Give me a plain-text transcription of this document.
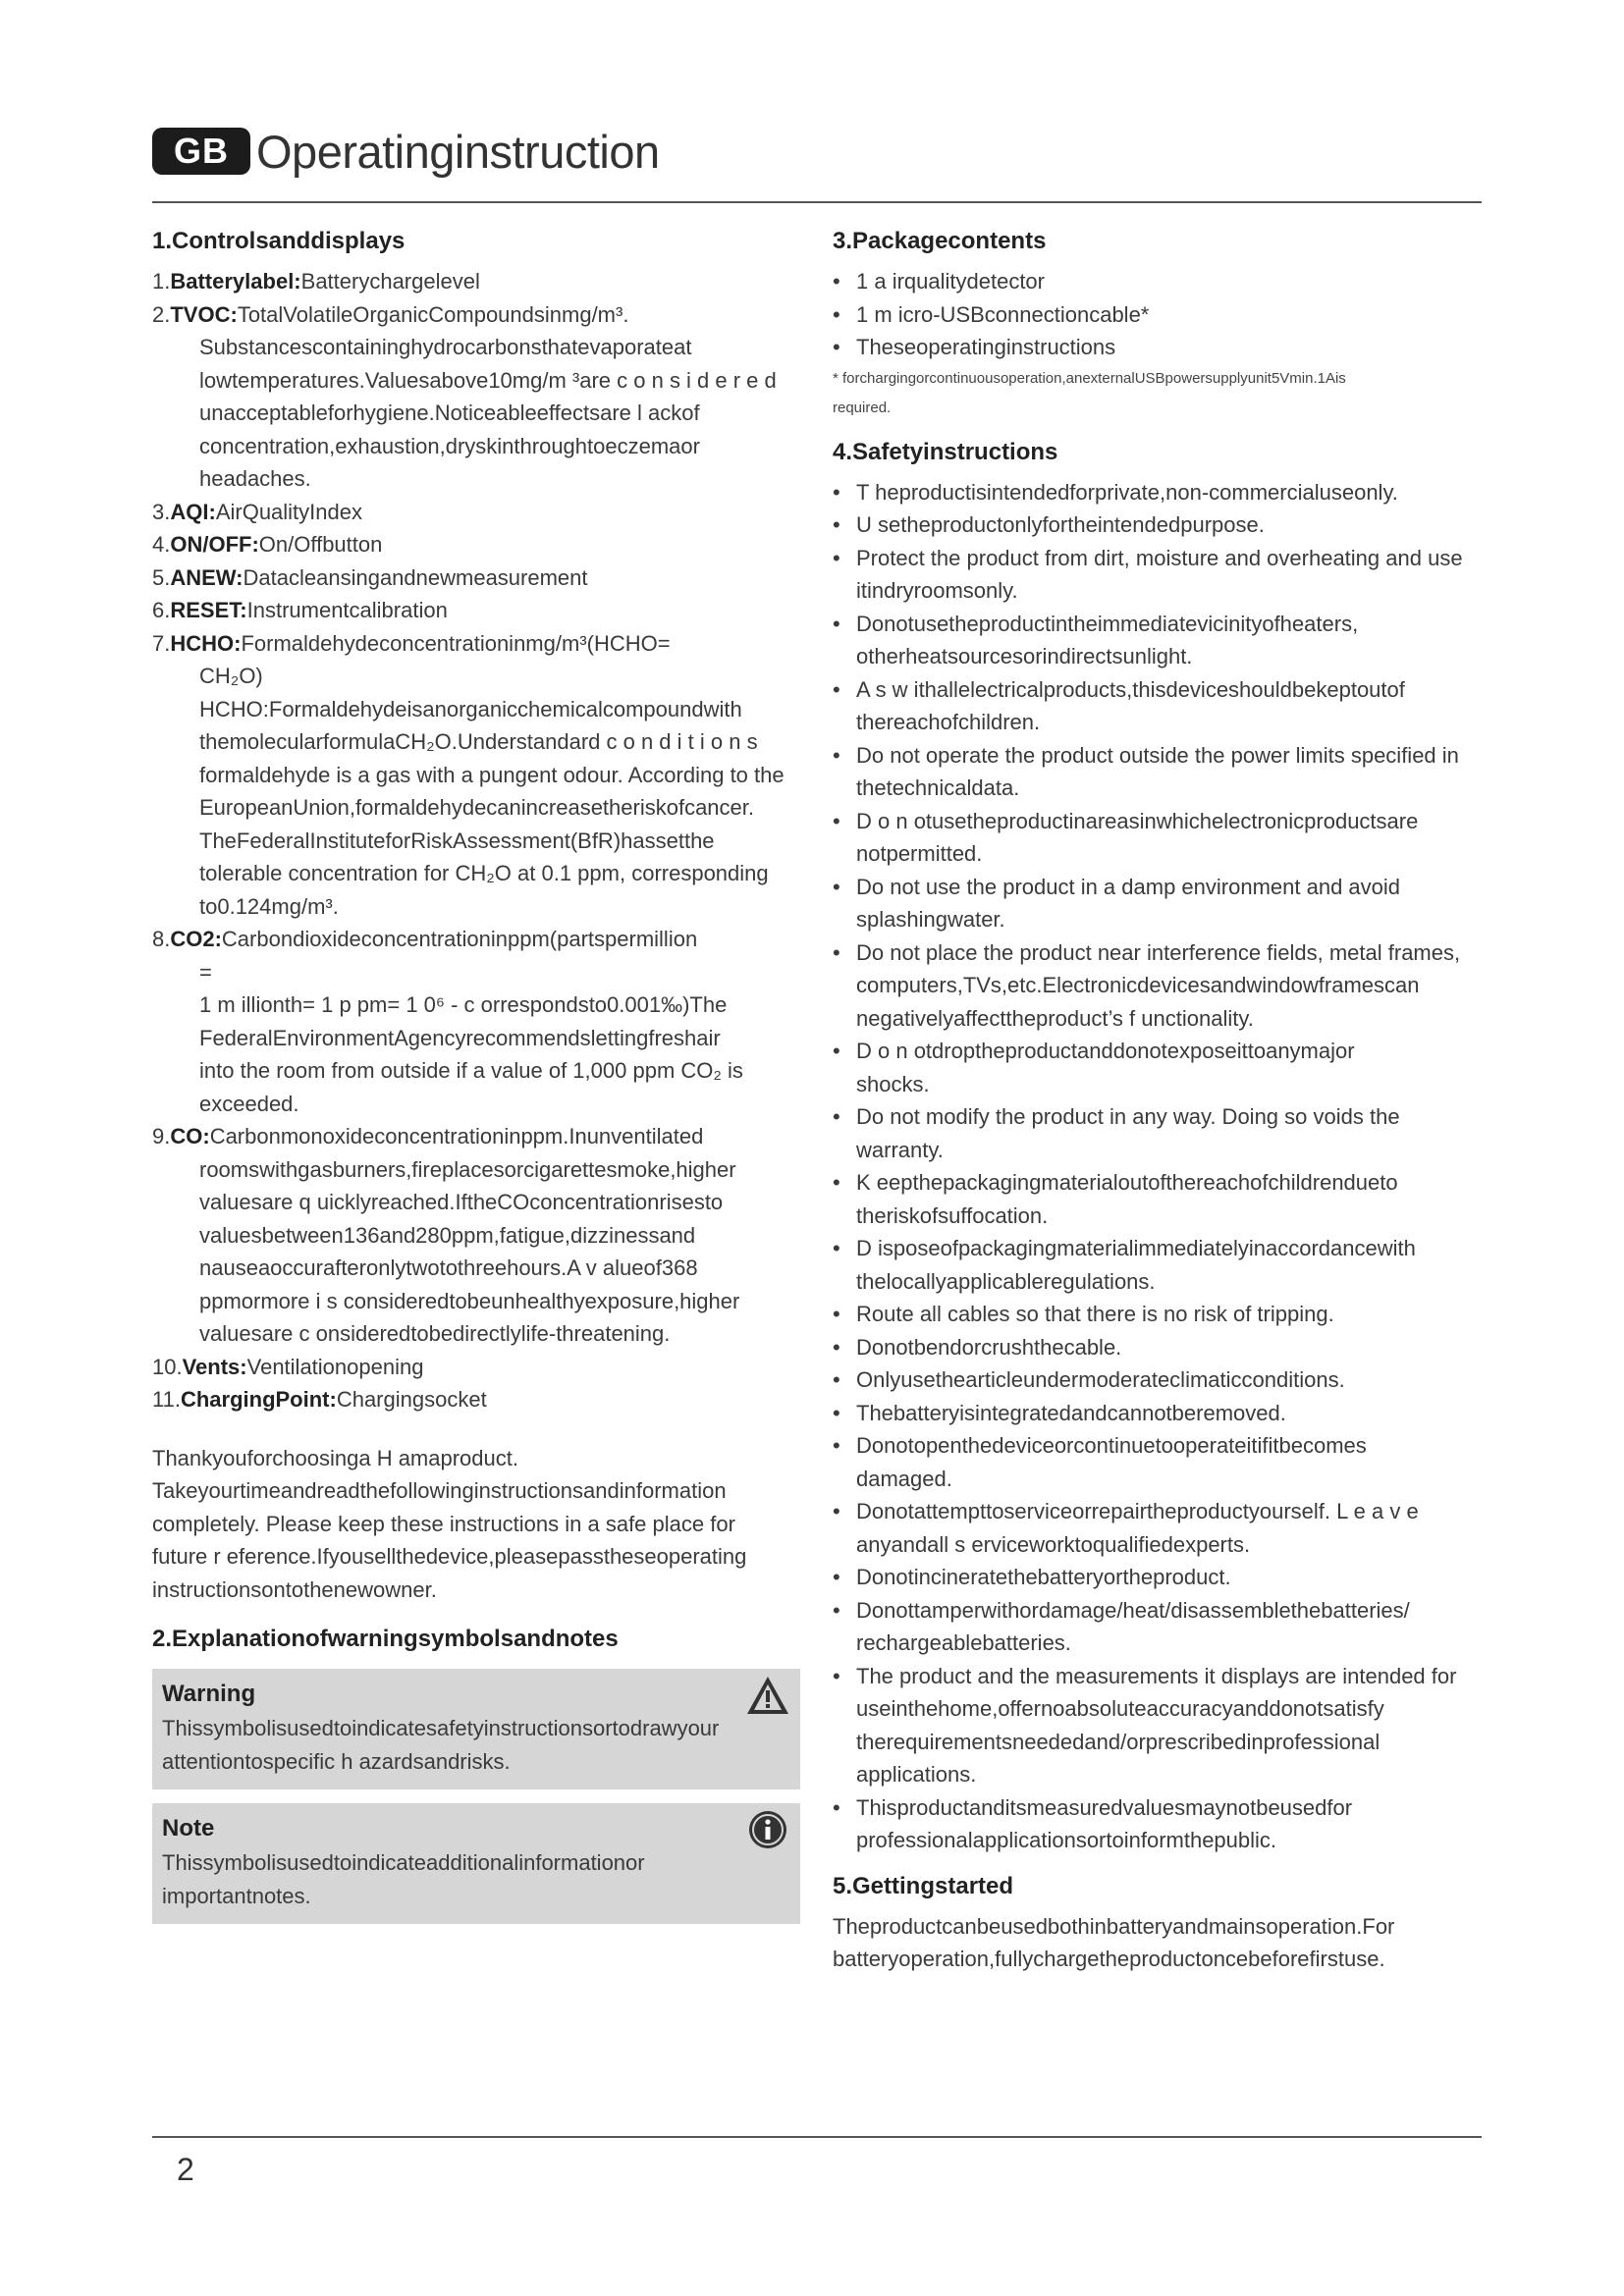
GB Operatinginstruction
1.Controlsanddisplays
1.Batterylabel:Batterychargelevel
2.TVOC:TotalVolatileOrganicCompoundsinmg/m³.
Substancescontaininghydrocarbonsthatevaporateat
lowtemperatures.Valuesabove10mg/m ³are c o n s i d e r e d
unacceptableforhygiene.Noticeableeffectsare l ackof
concentration,exhaustion,dryskinthroughtoeczemaor
headaches.
3.AQI:AirQualityIndex
4.ON/OFF:On/Offbutton
5.ANEW:Datacleansingandnewmeasurement
6.RESET:Instrumentcalibration
7.HCHO:Formaldehydeconcentrationinmg/m³(HCHO=
CH₂O)
HCHO:Formaldehydeisanorganicchemicalcompoundwith
themolecularformulaCH₂O.Understandard c o n d i t i o n s
formaldehyde is a gas with a pungent odour. According to the
EuropeanUnion,formaldehydecanincreasetheriskofcancer.
TheFederalInstituteforRiskAssessment(BfR)hassetthe
tolerable concentration for CH₂O at 0.1 ppm, corresponding
to0.124mg/m³.
8.CO2:Carbondioxideconcentrationinppm(partspermillion
=
1 m illionth= 1 p pm= 1 0⁶ - c orrespondsto0.001‰)The
FederalEnvironmentAgencyrecommendslettingfreshair
into the room from outside if a value of 1,000 ppm CO₂ is
exceeded.
9.CO:Carbonmonoxideconcentrationinppm.Inunventilated
roomswithgasburners,fireplacesorcigarettesmoke,higher
valuesare q uicklyreached.IftheCOconcentrationrisesto
valuesbetween136and280ppm,fatigue,dizzinessand
nauseaoccurafteronlytwotothreehours.A v alueof368
ppmormore i s consideredtobeunhealthyexposure,higher
valuesare c onsideredtobedirectlylife-threatening.
10.Vents:Ventilationopening
11.ChargingPoint:Chargingsocket
Thankyouforchoosinga H amaproduct.
Takeyourtimeandreadthefollowinginstructionsandinformation
completely. Please keep these instructions in a safe place for
future r eference.Ifyousellthedevice,pleasepasstheseoperating
instructionsontothenewowner.
2.Explanationofwarningsymbolsandnotes
Warning
Thissymbolisusedtoindicatesafetyinstructionsortodrawyour
attentiontospecific h azardsandrisks.
Note
Thissymbolisusedtoindicateadditionalinformationor
importantnotes.
3.Packagecontents
• 1 a irqualitydetector
• 1 m icro-USBconnectioncable*
• Theseoperatinginstructions
* forchargingorcontinuousoperation,anexternalUSBpowersupplyunit5Vmin.1Ais
required.
4.Safetyinstructions
• T heproductisintendedforprivate,non-commercialuseonly.
• U setheproductonlyfortheintendedpurpose.
• Protect the product from dirt, moisture and overheating and use
itindryroomsonly.
• Donotusetheproductintheimmediatevicinityofheaters,
otherheatsourcesorindirectsunlight.
• A s w ithallelectricalproducts,thisdeviceshouldbekeptoutof
thereachofchildren.
• Do not operate the product outside the power limits specified in
thetechnicaldata.
• D o n otusetheproductinareasinwhichelectronicproductsare
notpermitted.
• Do not use the product in a damp environment and avoid
splashingwater.
• Do not place the product near interference fields, metal frames,
computers,TVs,etc.Electronicdevicesandwindowframescan
negativelyaffecttheproduct’s f unctionality.
• D o n otdroptheproductanddonotexposeittoanymajor
shocks.
• Do not modify the product in any way. Doing so voids the
warranty.
• K eepthepackagingmaterialoutofthereachofchildrendueto
theriskofsuffocation.
• D isposeofpackagingmaterialimmediatelyinaccordancewith
thelocallyapplicableregulations.
• Route all cables so that there is no risk of tripping.
• Donotbendorcrushthecable.
• Onlyusethearticleundermoderateclimaticconditions.
• Thebatteryisintegratedandcannotberemoved.
• Donotopenthedeviceorcontinuetooperateitifitbecomes
damaged.
• Donotattempttoserviceorrepairtheproductyourself. L e a v e
anyandall s erviceworktoqualifiedexperts.
• Donotincineratethebatteryortheproduct.
• Donottamperwithordamage/heat/disassemblethebatteries/
rechargeablebatteries.
• The product and the measurements it displays are intended for
useinthehome,offernoabsoluteaccuracyanddonotsatisfy
therequirementsneededand/orprescribedinprofessional
applications.
• Thisproductanditsmeasuredvaluesmaynotbeusedfor
professionalapplicationsortoinformthepublic.
5.Gettingstarted
Theproductcanbeusedbothinbatteryandmainsoperation.For
batteryoperation,fullychargetheproductoncebeforefirstuse.
2
